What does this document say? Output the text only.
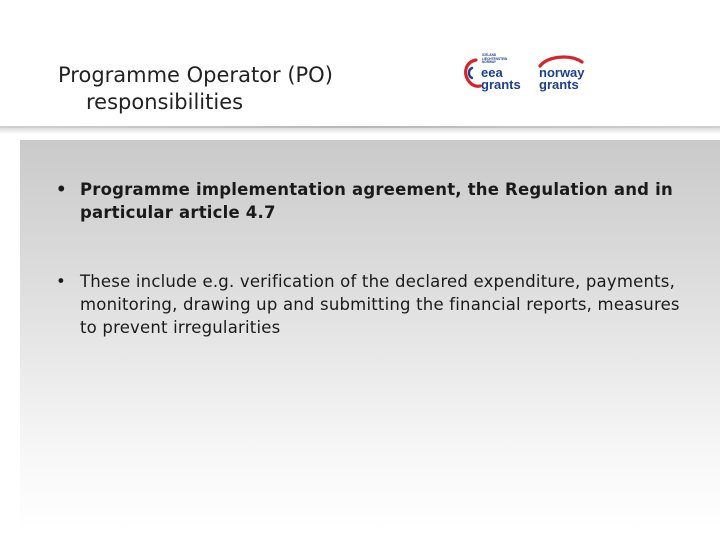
Programme Operator (PO)
responsibilities
ICELAND
LIECHTENSTEIN
NORWAY
eea
grants
norway
grants
• Programme implementation agreement, the Regulation and in particular article 4.7
• These include e.g. verification of the declared expenditure, payments, monitoring, drawing up and submitting the financial reports, measures to prevent irregularities
